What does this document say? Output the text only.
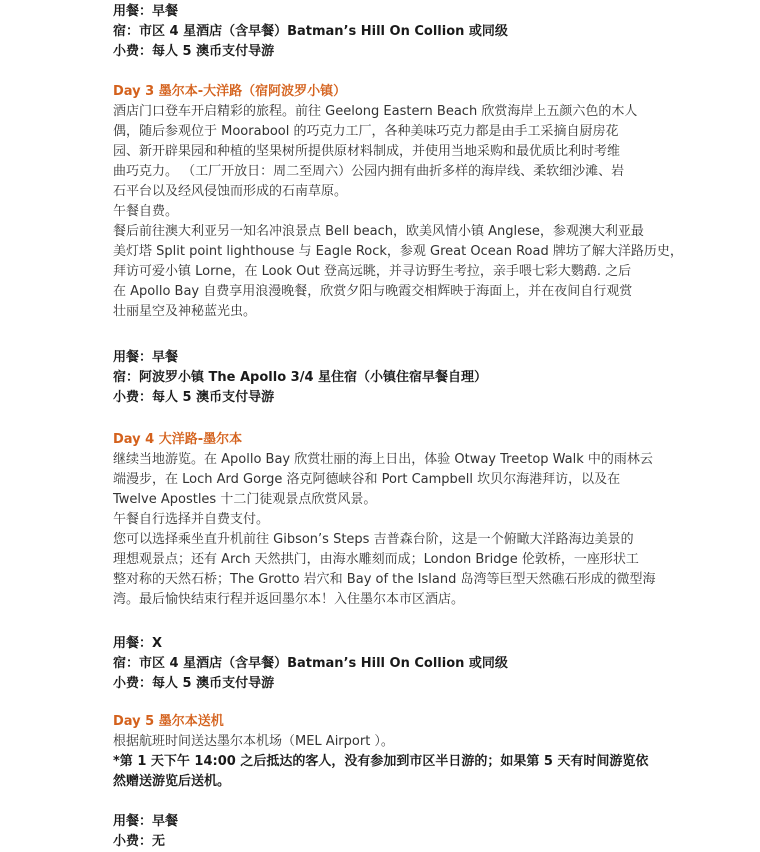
用餐：早餐
宿：市区 4 星酒店（含早餐）Batman’s Hill On Collion 或同级
小费：每人 5 澳币支付导游
Day 3 墨尔本-大洋路（宿阿波罗小镇）
酒店门口登车开启精彩的旅程。前往 Geelong Eastern Beach 欣赏海岸上五颜六色的木人
偶，随后参观位于 Moorabool 的巧克力工厂，各种美味巧克力都是由手工采摘自厨房花
园、新开辟果园和种植的坚果树所提供原材料制成，并使用当地采购和最优质比利时考维
曲巧克力。 （工厂开放日：周二至周六）公园内拥有曲折多样的海岸线、柔软细沙滩、岩
石平台以及经风侵蚀而形成的石南草原。
午餐自费。
餐后前往澳大利亚另一知名冲浪景点 Bell beach，欧美风情小镇 Anglese，参观澳大利亚最
美灯塔 Split point lighthouse 与 Eagle Rock，参观 Great Ocean Road 牌坊了解大洋路历史，
拜访可爱小镇 Lorne，在 Look Out 登高远眺，并寻访野生考拉，亲手喂七彩大鹦鹉. 之后
在 Apollo Bay 自费享用浪漫晚餐，欣赏夕阳与晚霞交相辉映于海面上，并在夜间自行观赏
壮丽星空及神秘蓝光虫。
用餐：早餐
宿：阿波罗小镇 The Apollo 3/4 星住宿（小镇住宿早餐自理）
小费：每人 5 澳币支付导游
Day 4 大洋路-墨尔本
继续当地游览。在 Apollo Bay 欣赏壮丽的海上日出，体验 Otway Treetop Walk 中的雨林云
端漫步，在 Loch Ard Gorge 洛克阿德峡谷和 Port Campbell 坎贝尔海港拜访，以及在
Twelve Apostles 十二门徒观景点欣赏风景。
午餐自行选择并自费支付。
您可以选择乘坐直升机前往 Gibson’s Steps 吉普森台阶，这是一个俯瞰大洋路海边美景的
理想观景点；还有 Arch 天然拱门，由海水雕刻而成；London Bridge 伦敦桥，一座形状工
整对称的天然石桥；The Grotto 岩穴和 Bay of the Island 岛湾等巨型天然礁石形成的微型海
湾。最后愉快结束行程并返回墨尔本！入住墨尔本市区酒店。
用餐：X
宿：市区 4 星酒店（含早餐）Batman’s Hill On Collion 或同级
小费：每人 5 澳币支付导游
Day 5 墨尔本送机
根据航班时间送达墨尔本机场（MEL Airport ）。
*第 1 天下午 14:00 之后抵达的客人，没有参加到市区半日游的；如果第 5 天有时间游览依
然赠送游览后送机。
用餐：早餐
小费：无
